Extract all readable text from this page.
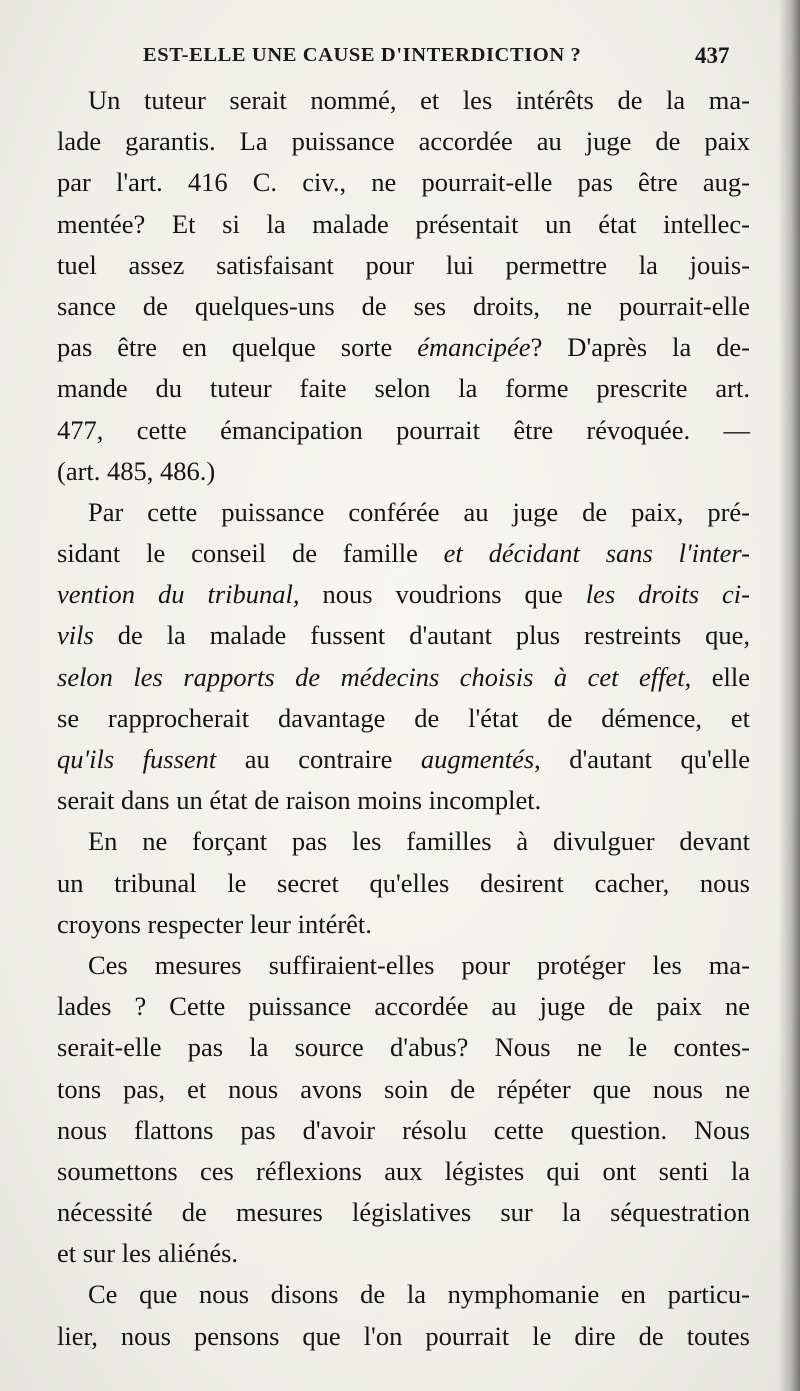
EST-ELLE UNE CAUSE D'INTERDICTION ?	437
Un tuteur serait nommé, et les intérêts de la ma-
lade garantis. La puissance accordée au juge de paix
par l'art. 416 C. civ., ne pourrait-elle pas être aug-
mentée? Et si la malade présentait un état intellec-
tuel assez satisfaisant pour lui permettre la jouis-
sance de quelques-uns de ses droits, ne pourrait-elle
pas être en quelque sorte émancipée? D'après la de-
mande du tuteur faite selon la forme prescrite art.
477, cette émancipation pourrait être révoquée. —
(art. 485, 486.)
Par cette puissance conférée au juge de paix, pré-
sidant le conseil de famille et décidant sans l'inter-
vention du tribunal, nous voudrions que les droits ci-
vils de la malade fussent d'autant plus restreints que,
selon les rapports de médecins choisis à cet effet, elle
se rapprocherait davantage de l'état de démence, et
qu'ils fussent au contraire augmentés, d'autant qu'elle
serait dans un état de raison moins incomplet.
En ne forçant pas les familles à divulguer devant
un tribunal le secret qu'elles desirent cacher, nous
croyons respecter leur intérêt.
Ces mesures suffiraient-elles pour protéger les ma-
lades ? Cette puissance accordée au juge de paix ne
serait-elle pas la source d'abus? Nous ne le contes-
tons pas, et nous avons soin de répéter que nous ne
nous flattons pas d'avoir résolu cette question. Nous
soumettons ces réflexions aux légistes qui ont senti la
nécessité de mesures législatives sur la séquestration
et sur les aliénés.
Ce que nous disons de la nymphomanie en particu-
lier, nous pensons que l'on pourrait le dire de toutes
